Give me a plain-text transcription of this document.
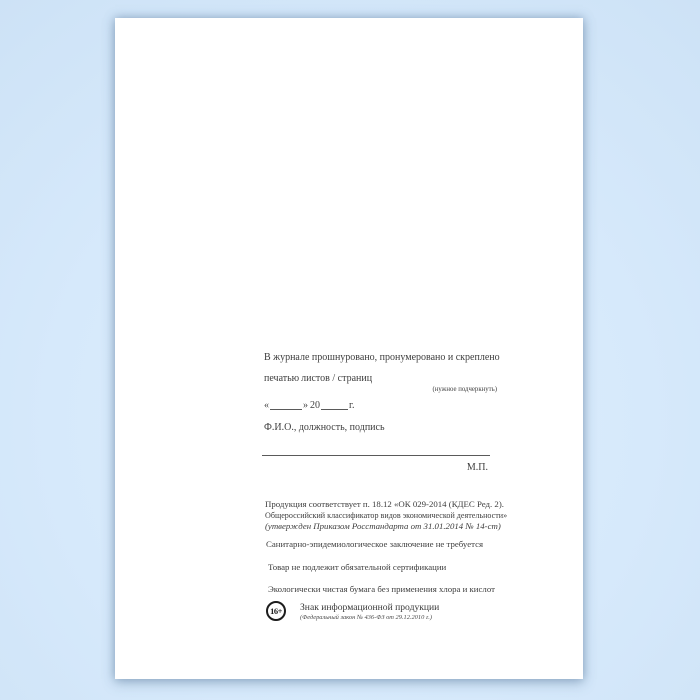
В журнале прошнуровано, пронумеровано и скреплено
печатью листов / страниц
(нужное подчеркнуть)
«	» 20	г.
Ф.И.О., должность, подпись
М.П.
Продукция соответствует п. 18.12 «ОК 029-2014 (КДЕС Ред. 2).
Общероссийский классификатор видов экономической деятельности»
(утвержден Приказом Росстандарта от 31.01.2014 № 14-ст)
Санитарно-эпидемиологическое заключение не требуется
Товар не подлежит обязательной сертификации
Экологически чистая бумага без применения хлора и кислот
16+	Знак информационной продукции
(Федеральный закон № 436-ФЗ от 29.12.2010 г.)
